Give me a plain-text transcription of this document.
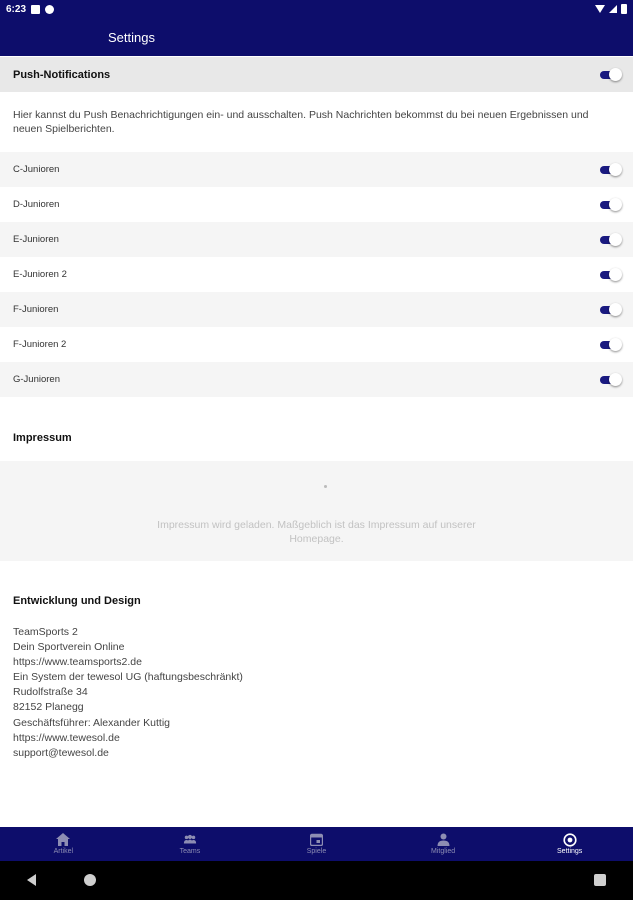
6:23
Settings
Push-Notifications

Hier kannst du Push Benachrichtigungen ein- und ausschalten. Push Nachrichten bekommst du bei neuen Ergebnissen und neuen Spielberichten.

C-Junioren
D-Junioren
E-Junioren
E-Junioren 2
F-Junioren
F-Junioren 2
G-Junioren
Impressum

Impressum wird geladen. Maßgeblich ist das Impressum auf unserer Homepage.

Entwicklung und Design
TeamSports 2
Dein Sportverein Online
https://www.teamsports2.de
Ein System der tewesol UG (haftungsbeschränkt)
Rudolfstraße 34
82152 Planegg
Geschäftsführer: Alexander Kuttig
https://www.tewesol.de
support@tewesol.de
Artikel	Teams	Spiele	Mitglied	Settings
